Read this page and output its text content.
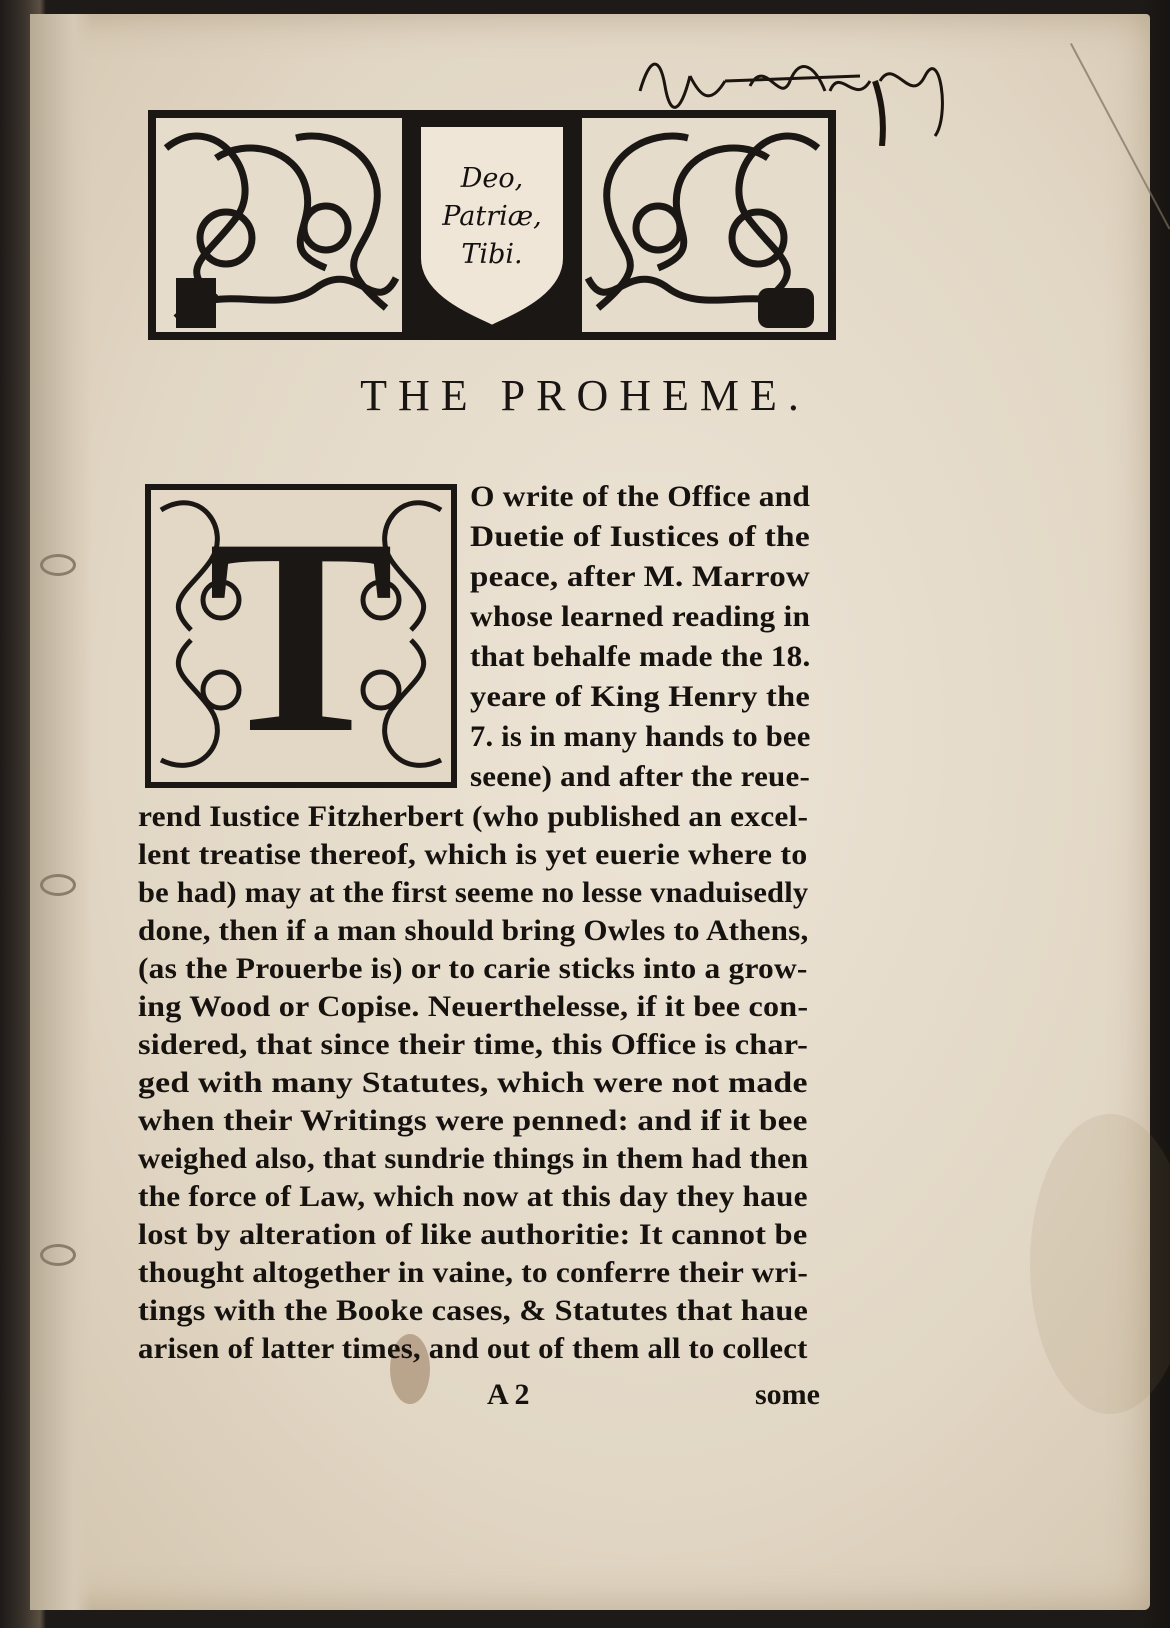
Deo,
Patriæ,
Tibi.
THE PROHEME.
T	O write of the Office and
Duetie of Iustices of the
peace, after M. Marrow
whose learned reading in
that behalfe made the 18.
yeare of King Henry the
7. is in many hands to bee
seene) and after the reue-
rend Iustice Fitzherbert (who published an excel-
lent treatise thereof, which is yet euerie where to
be had) may at the first seeme no lesse vnaduisedly
done, then if a man should bring Owles to Athens,
(as the Prouerbe is) or to carie sticks into a grow-
ing Wood or Copise. Neuerthelesse, if it bee con-
sidered, that since their time, this Office is char-
ged with many Statutes, which were not made
when their Writings were penned: and if it bee
weighed also, that sundrie things in them had then
the force of Law, which now at this day they haue
lost by alteration of like authoritie: It cannot be
thought altogether in vaine, to conferre their wri-
tings with the Booke cases, & Statutes that haue
arisen of latter times, and out of them all to collect
A 2	some
